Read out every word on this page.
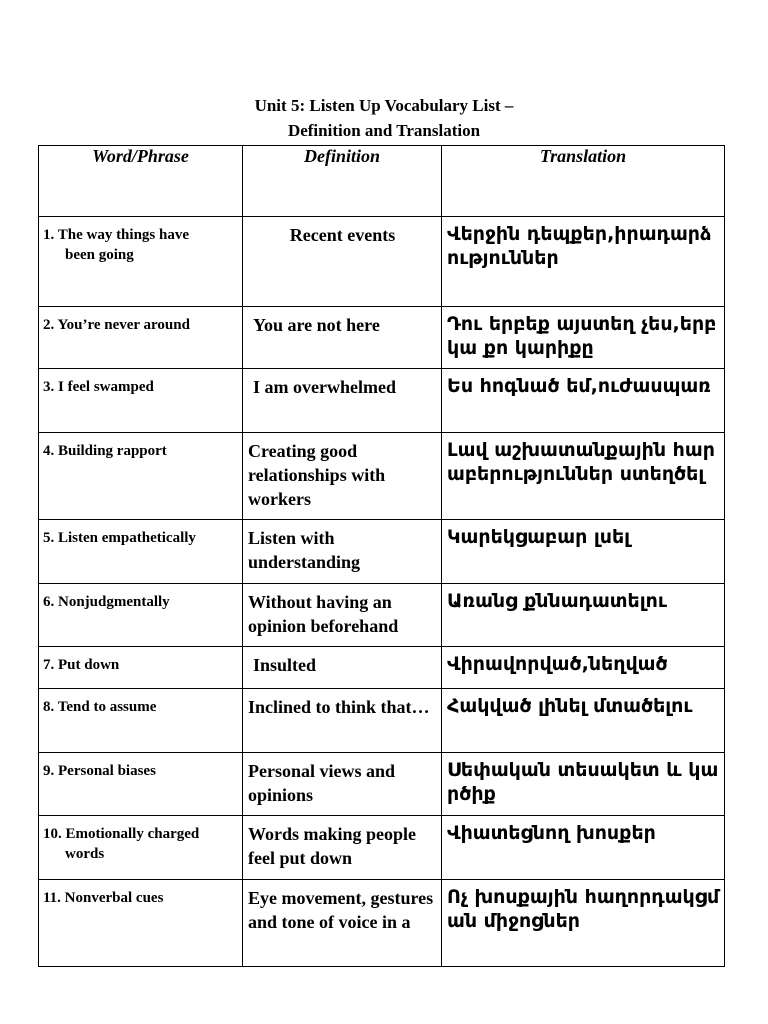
Unit 5: Listen Up Vocabulary List –
Definition and Translation
Word/Phrase	Definition	Translation
1. The way things have
been going	Recent events	Վերջին դեպքեր,իրադարձություններ
2. You’re never around	You are not here	Դու երբեք այստեղ չես,երբ կա քո կարիքը
3. I feel swamped	I am overwhelmed	Ես հոգնած եմ,ուժասպառ
4. Building rapport	Creating good relationships with workers	Լավ աշխատանքային հարաբերություններ ստեղծել
5. Listen empathetically	Listen with understanding	Կարեկցաբար լսել
6. Nonjudgmentally	Without having an opinion beforehand	Առանց քննադատելու
7. Put down	Insulted	Վիրավորված,նեղված
8. Tend to assume	Inclined to think that…	Հակված լինել մտածելու
9. Personal biases	Personal views and opinions	Սեփական տեսակետ և կարծիք
10. Emotionally charged
words	Words making people feel put down	Վիատեցնող խոսքեր
11. Nonverbal cues	Eye movement, gestures and tone of voice in a	Ոչ խոսքային հաղորդակցման միջոցներ
